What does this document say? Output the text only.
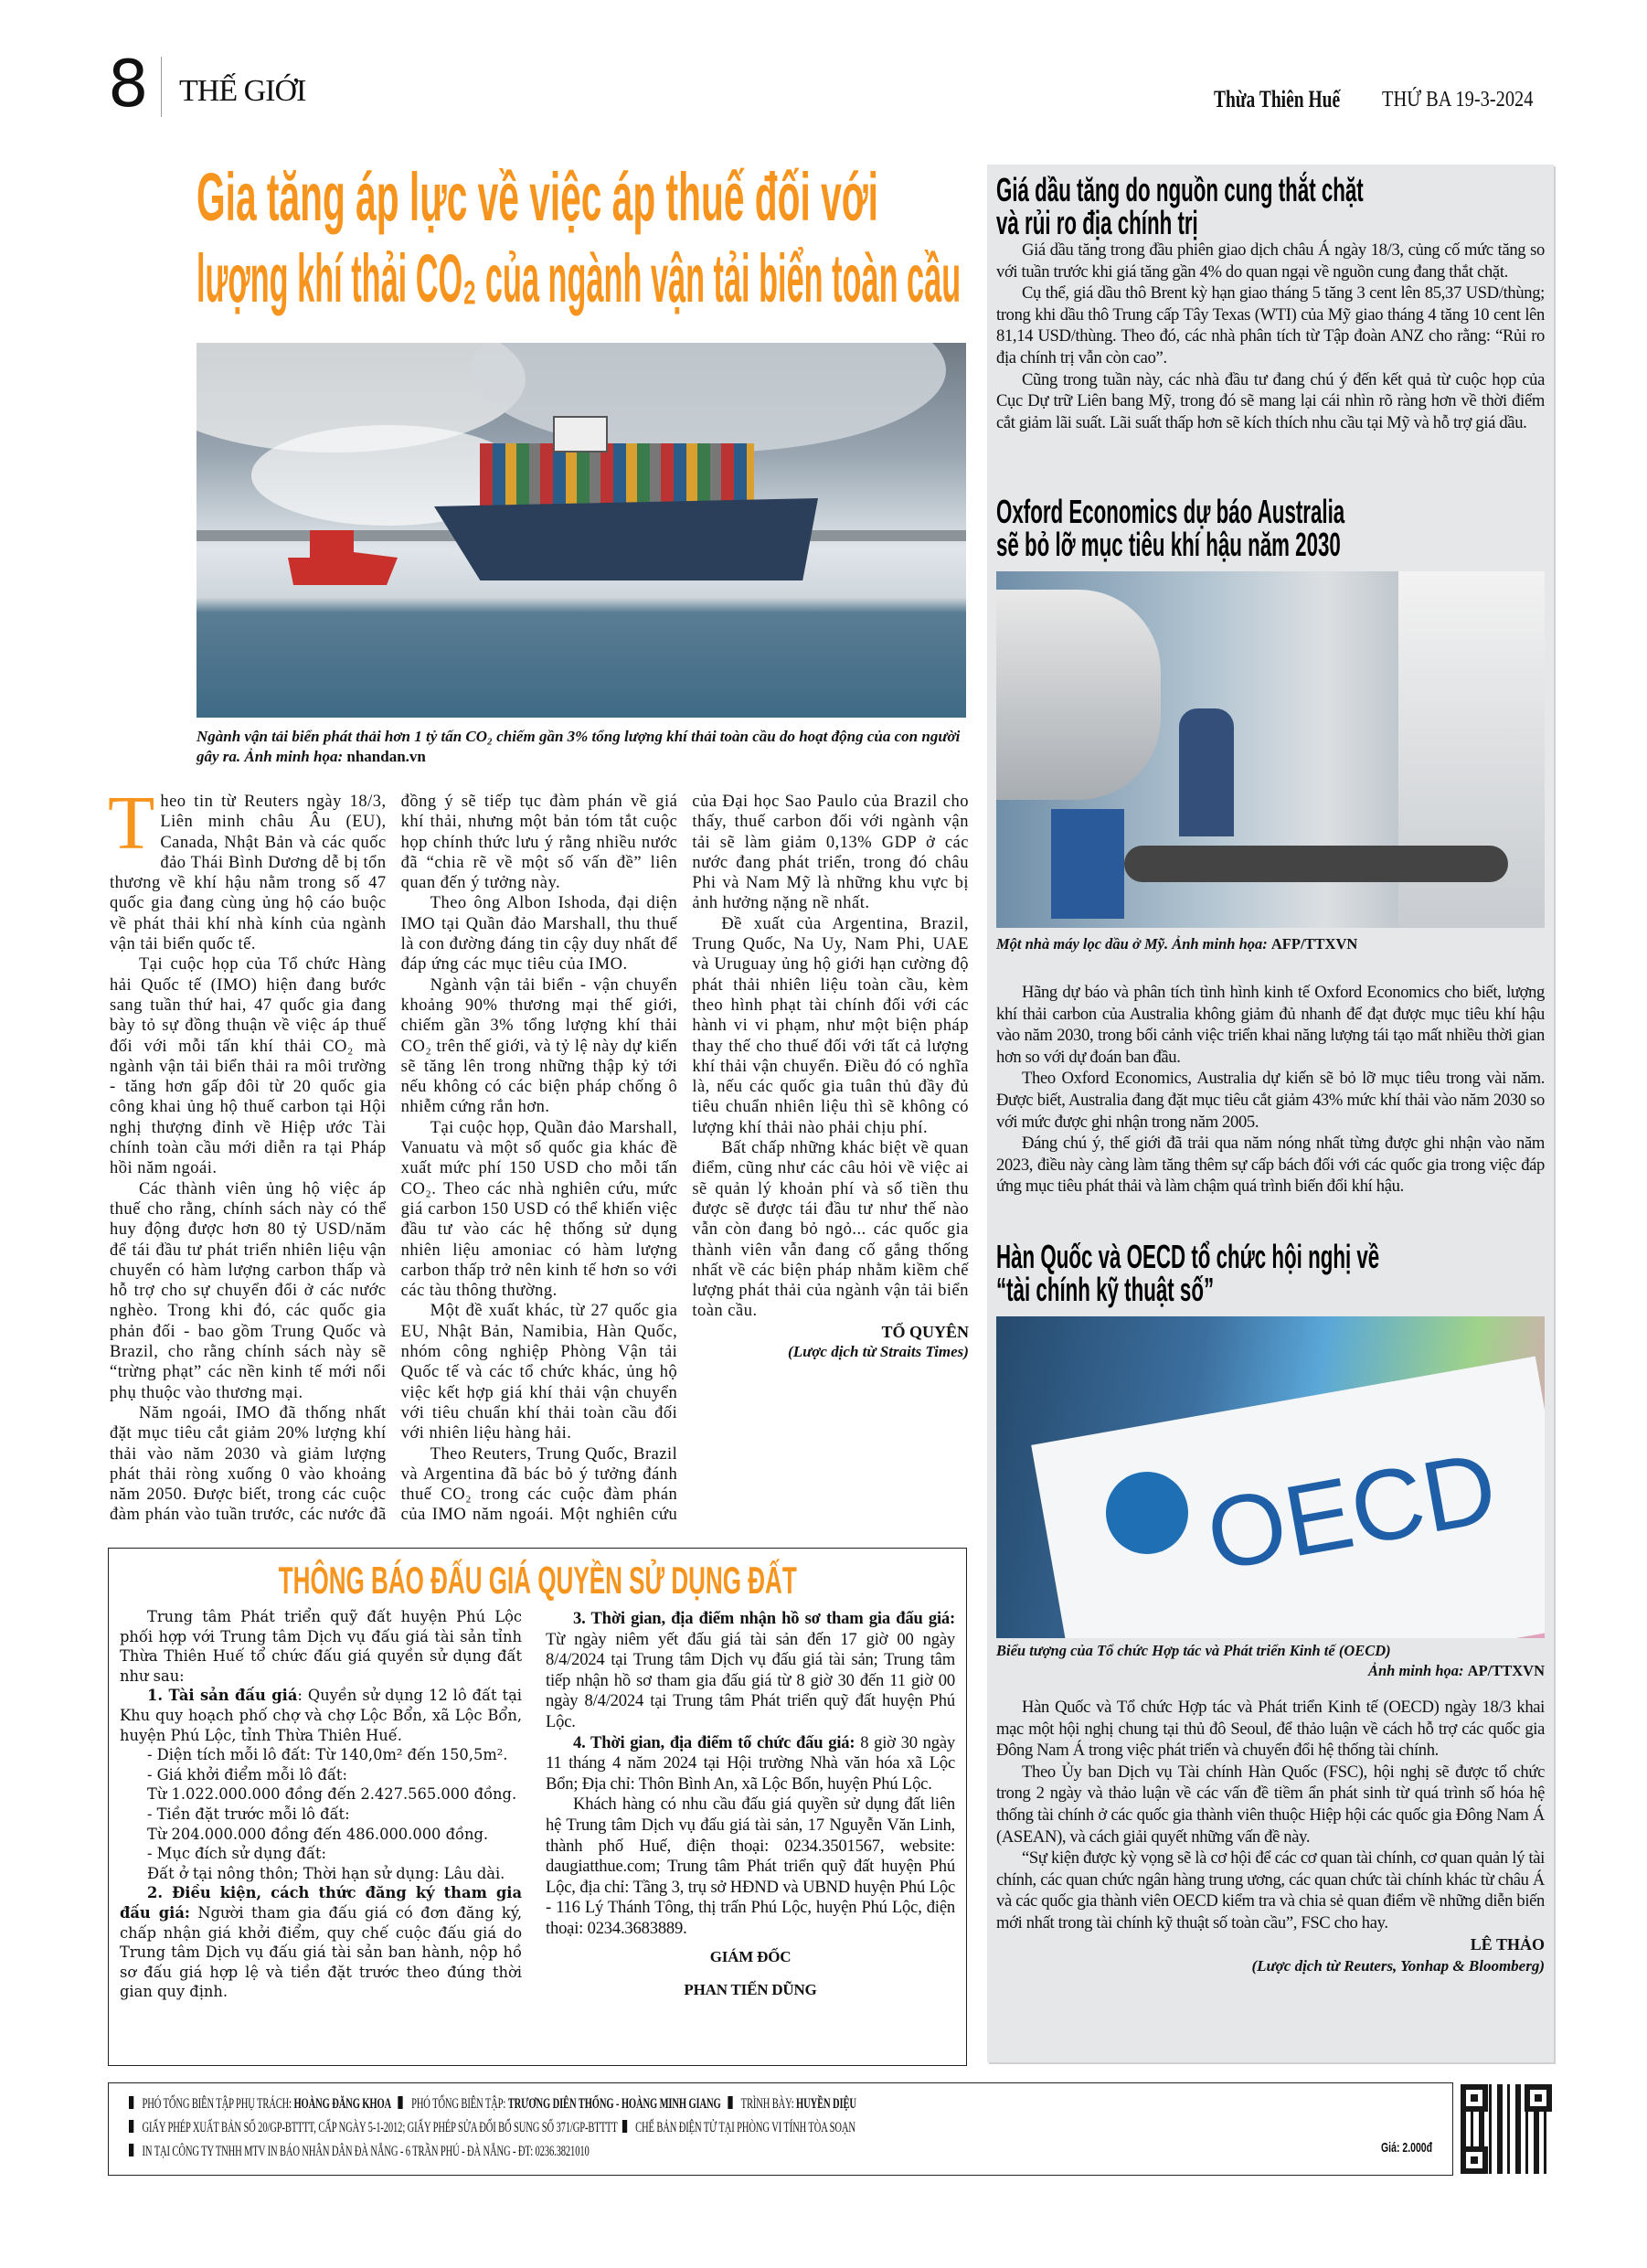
8 THẾ GIỚI	Thừa Thiên Huế THỨ BA 19-3-2024
Gia tăng áp lực về việc áp thuế đối với
lượng khí thải CO₂ của ngành vận tải biển toàn cầu
Ngành vận tải biển phát thải hơn 1 tỷ tấn CO₂ chiếm gần 3% tổng lượng khí thải toàn cầu do hoạt động của con người gây ra. Ảnh minh họa: nhandan.vn

Theo tin từ Reuters ngày 18/3, Liên minh châu Âu (EU), Canada, Nhật Bản và các quốc đảo Thái Bình Dương dễ bị tổn thương về khí hậu nằm trong số 47 quốc gia đang cùng ủng hộ cáo buộc về phát thải khí nhà kính của ngành vận tải biển quốc tế.

Tại cuộc họp của Tổ chức Hàng hải Quốc tế (IMO) hiện đang bước sang tuần thứ hai, 47 quốc gia đang bày tỏ sự đồng thuận về việc áp thuế đối với mỗi tấn khí thải CO₂ mà ngành vận tải biển thải ra môi trường - tăng hơn gấp đôi từ 20 quốc gia công khai ủng hộ thuế carbon tại Hội nghị thượng đỉnh về Hiệp ước Tài chính toàn cầu mới diễn ra tại Pháp hồi năm ngoái.

Các thành viên ủng hộ việc áp thuế cho rằng, chính sách này có thể huy động được hơn 80 tỷ USD/năm để tái đầu tư phát triển nhiên liệu vận chuyển có hàm lượng carbon thấp và hỗ trợ cho sự chuyển đổi ở các nước nghèo. Trong khi đó, các quốc gia phản đối - bao gồm Trung Quốc và Brazil, cho rằng chính sách này sẽ “trừng phạt” các nền kinh tế mới nổi phụ thuộc vào thương mại.

Năm ngoái, IMO đã thống nhất đặt mục tiêu cắt giảm 20% lượng khí thải vào năm 2030 và giảm lượng phát thải ròng xuống 0 vào khoảng năm 2050. Được biết, trong các cuộc đàm phán vào tuần trước, các nước đã đồng ý sẽ tiếp tục đàm phán về giá khí thải, nhưng một bản tóm tắt cuộc họp chính thức lưu ý rằng nhiều nước đã “chia rẽ về một số vấn đề” liên quan đến ý tưởng này.

Theo ông Albon Ishoda, đại diện IMO tại Quần đảo Marshall, thu thuế là con đường đáng tin cậy duy nhất để đáp ứng các mục tiêu của IMO.

Ngành vận tải biển - vận chuyển khoảng 90% thương mại thế giới, chiếm gần 3% tổng lượng khí thải CO₂ trên thế giới, và tỷ lệ này dự kiến sẽ tăng lên trong những thập kỷ tới nếu không có các biện pháp chống ô nhiễm cứng rắn hơn.

Tại cuộc họp, Quần đảo Marshall, Vanuatu và một số quốc gia khác đề xuất mức phí 150 USD cho mỗi tấn CO₂. Theo các nhà nghiên cứu, mức giá carbon 150 USD có thể khiến việc đầu tư vào các hệ thống sử dụng nhiên liệu amoniac có hàm lượng carbon thấp trở nên kinh tế hơn so với các tàu thông thường.

Một đề xuất khác, từ 27 quốc gia EU, Nhật Bản, Namibia, Hàn Quốc, nhóm công nghiệp Phòng Vận tải Quốc tế và các tổ chức khác, ủng hộ việc kết hợp giá khí thải vận chuyển với tiêu chuẩn khí thải toàn cầu đối với nhiên liệu hàng hải.

Theo Reuters, Trung Quốc, Brazil và Argentina đã bác bỏ ý tưởng đánh thuế CO₂ trong các cuộc đàm phán của IMO năm ngoái. Một nghiên cứu của Đại học Sao Paulo của Brazil cho thấy, thuế carbon đối với ngành vận tải sẽ làm giảm 0,13% GDP ở các nước đang phát triển, trong đó châu Phi và Nam Mỹ là những khu vực bị ảnh hưởng nặng nề nhất.

Đề xuất của Argentina, Brazil, Trung Quốc, Na Uy, Nam Phi, UAE và Uruguay ủng hộ giới hạn cường độ phát thải nhiên liệu toàn cầu, kèm theo hình phạt tài chính đối với các hành vi vi phạm, như một biện pháp thay thế cho thuế đối với tất cả lượng khí thải vận chuyển. Điều đó có nghĩa là, nếu các quốc gia tuân thủ đầy đủ tiêu chuẩn nhiên liệu thì sẽ không có lượng khí thải nào phải chịu phí.

Bất chấp những khác biệt về quan điểm, cũng như các câu hỏi về việc ai sẽ quản lý khoản phí và số tiền thu được sẽ được tái đầu tư như thế nào vẫn còn đang bỏ ngỏ... các quốc gia thành viên vẫn đang cố gắng thống nhất về các biện pháp nhằm kiềm chế lượng phát thải của ngành vận tải biển toàn cầu.

TỐ QUYÊN

(Lược dịch từ Straits Times)

Giá dầu tăng do nguồn cung thắt chặt
và rủi ro địa chính trị

Giá dầu tăng trong đầu phiên giao dịch châu Á ngày 18/3, củng cố mức tăng so với tuần trước khi giá tăng gần 4% do quan ngại về nguồn cung đang thắt chặt.

Cụ thể, giá dầu thô Brent kỳ hạn giao tháng 5 tăng 3 cent lên 85,37 USD/thùng; trong khi dầu thô Trung cấp Tây Texas (WTI) của Mỹ giao tháng 4 tăng 10 cent lên 81,14 USD/thùng. Theo đó, các nhà phân tích từ Tập đoàn ANZ cho rằng: “Rủi ro địa chính trị vẫn còn cao”.

Cũng trong tuần này, các nhà đầu tư đang chú ý đến kết quả từ cuộc họp của Cục Dự trữ Liên bang Mỹ, trong đó sẽ mang lại cái nhìn rõ ràng hơn về thời điểm cắt giảm lãi suất. Lãi suất thấp hơn sẽ kích thích nhu cầu tại Mỹ và hỗ trợ giá dầu.

Oxford Economics dự báo Australia
sẽ bỏ lỡ mục tiêu khí hậu năm 2030
Một nhà máy lọc dầu ở Mỹ. Ảnh minh họa: AFP/TTXVN

Hãng dự báo và phân tích tình hình kinh tế Oxford Economics cho biết, lượng khí thải carbon của Australia không giảm đủ nhanh để đạt được mục tiêu khí hậu vào năm 2030, trong bối cảnh việc triển khai năng lượng tái tạo mất nhiều thời gian hơn so với dự đoán ban đầu.

Theo Oxford Economics, Australia dự kiến sẽ bỏ lỡ mục tiêu trong vài năm. Được biết, Australia đang đặt mục tiêu cắt giảm 43% mức khí thải vào năm 2030 so với mức được ghi nhận trong năm 2005.

Đáng chú ý, thế giới đã trải qua năm nóng nhất từng được ghi nhận vào năm 2023, điều này càng làm tăng thêm sự cấp bách đối với các quốc gia trong việc đáp ứng mục tiêu phát thải và làm chậm quá trình biến đổi khí hậu.

Hàn Quốc và OECD tổ chức hội nghị về
“tài chính kỹ thuật số”
OECD
Biểu tượng của Tổ chức Hợp tác và Phát triển Kinh tế (OECD)
Ảnh minh họa: AP/TTXVN

Hàn Quốc và Tổ chức Hợp tác và Phát triển Kinh tế (OECD) ngày 18/3 khai mạc một hội nghị chung tại thủ đô Seoul, để thảo luận về cách hỗ trợ các quốc gia Đông Nam Á trong việc phát triển và chuyển đổi hệ thống tài chính.

Theo Ủy ban Dịch vụ Tài chính Hàn Quốc (FSC), hội nghị sẽ được tổ chức trong 2 ngày và thảo luận về các vấn đề tiềm ẩn phát sinh từ quá trình số hóa hệ thống tài chính ở các quốc gia thành viên thuộc Hiệp hội các quốc gia Đông Nam Á (ASEAN), và cách giải quyết những vấn đề này.

“Sự kiện được kỳ vọng sẽ là cơ hội để các cơ quan tài chính, cơ quan quản lý tài chính, các quan chức ngân hàng trung ương, các quan chức tài chính khác từ châu Á và các quốc gia thành viên OECD kiểm tra và chia sẻ quan điểm về những diễn biến mới nhất trong tài chính kỹ thuật số toàn cầu”, FSC cho hay.

LÊ THẢO

(Lược dịch từ Reuters, Yonhap & Bloomberg)

THÔNG BÁO ĐẤU GIÁ QUYỀN SỬ DỤNG ĐẤT

Trung tâm Phát triển quỹ đất huyện Phú Lộc phối hợp với Trung tâm Dịch vụ đấu giá tài sản tỉnh Thừa Thiên Huế tổ chức đấu giá quyền sử dụng đất như sau:

1. Tài sản đấu giá: Quyền sử dụng 12 lô đất tại Khu quy hoạch phố chợ và chợ Lộc Bổn, xã Lộc Bổn, huyện Phú Lộc, tỉnh Thừa Thiên Huế.

- Diện tích mỗi lô đất: Từ 140,0m² đến 150,5m².

- Giá khởi điểm mỗi lô đất:

Từ 1.022.000.000 đồng đến 2.427.565.000 đồng.

- Tiền đặt trước mỗi lô đất:

Từ 204.000.000 đồng đến 486.000.000 đồng.

- Mục đích sử dụng đất:

Đất ở tại nông thôn; Thời hạn sử dụng: Lâu dài.

2. Điều kiện, cách thức đăng ký tham gia đấu giá: Người tham gia đấu giá có đơn đăng ký, chấp nhận giá khởi điểm, quy chế cuộc đấu giá do Trung tâm Dịch vụ đấu giá tài sản ban hành, nộp hồ sơ đấu giá hợp lệ và tiền đặt trước theo đúng thời gian quy định.

3. Thời gian, địa điểm nhận hồ sơ tham gia đấu giá: Từ ngày niêm yết đấu giá tài sản đến 17 giờ 00 ngày 8/4/2024 tại Trung tâm Dịch vụ đấu giá tài sản; Trung tâm tiếp nhận hồ sơ tham gia đấu giá từ 8 giờ 30 đến 11 giờ 00 ngày 8/4/2024 tại Trung tâm Phát triển quỹ đất huyện Phú Lộc.

4. Thời gian, địa điểm tổ chức đấu giá: 8 giờ 30 ngày 11 tháng 4 năm 2024 tại Hội trường Nhà văn hóa xã Lộc Bổn; Địa chỉ: Thôn Bình An, xã Lộc Bổn, huyện Phú Lộc.

Khách hàng có nhu cầu đấu giá quyền sử dụng đất liên hệ Trung tâm Dịch vụ đấu giá tài sản, 17 Nguyễn Văn Linh, thành phố Huế, điện thoại: 0234.3501567, website: daugiatthue.com; Trung tâm Phát triển quỹ đất huyện Phú Lộc, địa chỉ: Tầng 3, trụ sở HĐND và UBND huyện Phú Lộc - 116 Lý Thánh Tông, thị trấn Phú Lộc, huyện Phú Lộc, điện thoại: 0234.3683889.

GIÁM ĐỐC

PHAN TIẾN DŨNG

PHÓ TỔNG BIÊN TẬP PHỤ TRÁCH: HOÀNG ĐĂNG KHOA PHÓ TỔNG BIÊN TẬP: TRƯƠNG DIÊN THỐNG - HOÀNG MINH GIANG TRÌNH BÀY: HUYỀN DIỆU
GIẤY PHÉP XUẤT BẢN SỐ 20/GP-BTTTT, CẤP NGÀY 5-1-2012; GIẤY PHÉP SỬA ĐỔI BỔ SUNG SỐ 371/GP-BTTTT CHẾ BẢN ĐIỆN TỬ TẠI PHÒNG VI TÍNH TÒA SOẠN
IN TẠI CÔNG TY TNHH MTV IN BÁO NHÂN DÂN ĐÀ NẴNG - 6 TRẦN PHÚ - ĐÀ NẴNG - ĐT: 0236.3821010	Giá: 2.000đ
